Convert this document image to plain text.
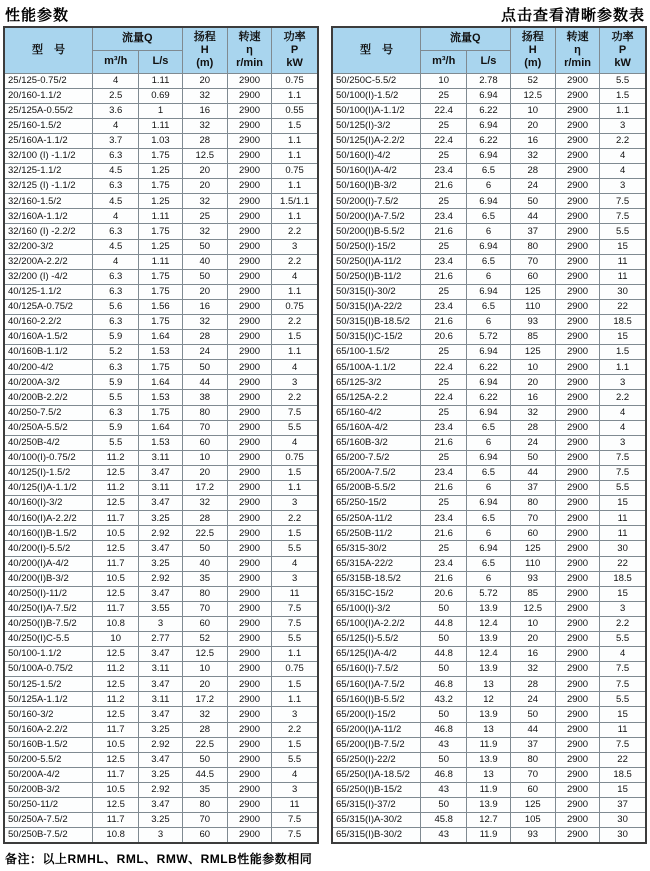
性能参数	点击查看清晰参数表
型　号	流量Q		扬程
H
(m)	转速
η
r/min	功率
P
kW

	m³/h	L/s			
25/125-0.75/2	4	1.11	20	2900	0.75
20/160-1.1/2	2.5	0.69	32	2900	1.1
25/125A-0.55/2	3.6	1	16	2900	0.55
25/160-1.5/2	4	1.11	32	2900	1.5
25/160A-1.1/2	3.7	1.03	28	2900	1.1
32/100 (I) -1.1/2	6.3	1.75	12.5	2900	1.1
32/125-1.1/2	4.5	1.25	20	2900	0.75
32/125 (I) -1.1/2	6.3	1.75	20	2900	1.1
32/160-1.5/2	4.5	1.25	32	2900	1.5/1.1
32/160A-1.1/2	4	1.11	25	2900	1.1
32/160 (I) -2.2/2	6.3	1.75	32	2900	2.2
32/200-3/2	4.5	1.25	50	2900	3
32/200A-2.2/2	4	1.11	40	2900	2.2
32/200 (I) -4/2	6.3	1.75	50	2900	4
40/125-1.1/2	6.3	1.75	20	2900	1.1
40/125A-0.75/2	5.6	1.56	16	2900	0.75
40/160-2.2/2	6.3	1.75	32	2900	2.2
40/160A-1.5/2	5.9	1.64	28	2900	1.5
40/160B-1.1/2	5.2	1.53	24	2900	1.1
40/200-4/2	6.3	1.75	50	2900	4
40/200A-3/2	5.9	1.64	44	2900	3
40/200B-2.2/2	5.5	1.53	38	2900	2.2
40/250-7.5/2	6.3	1.75	80	2900	7.5
40/250A-5.5/2	5.9	1.64	70	2900	5.5
40/250B-4/2	5.5	1.53	60	2900	4
40/100(I)-0.75/2	11.2	3.11	10	2900	0.75
40/125(I)-1.5/2	12.5	3.47	20	2900	1.5
40/125(I)A-1.1/2	11.2	3.11	17.2	2900	1.1
40/160(I)-3/2	12.5	3.47	32	2900	3
40/160(I)A-2.2/2	11.7	3.25	28	2900	2.2
40/160(I)B-1.5/2	10.5	2.92	22.5	2900	1.5
40/200(I)-5.5/2	12.5	3.47	50	2900	5.5
40/200(I)A-4/2	11.7	3.25	40	2900	4
40/200(I)B-3/2	10.5	2.92	35	2900	3
40/250(I)-11/2	12.5	3.47	80	2900	11
40/250(I)A-7.5/2	11.7	3.55	70	2900	7.5
40/250(I)B-7.5/2	10.8	3	60	2900	7.5
40/250(I)C-5.5	10	2.77	52	2900	5.5
50/100-1.1/2	12.5	3.47	12.5	2900	1.1
50/100A-0.75/2	11.2	3.11	10	2900	0.75
50/125-1.5/2	12.5	3.47	20	2900	1.5
50/125A-1.1/2	11.2	3.11	17.2	2900	1.1
50/160-3/2	12.5	3.47	32	2900	3
50/160A-2.2/2	11.7	3.25	28	2900	2.2
50/160B-1.5/2	10.5	2.92	22.5	2900	1.5
50/200-5.5/2	12.5	3.47	50	2900	5.5
50/200A-4/2	11.7	3.25	44.5	2900	4
50/200B-3/2	10.5	2.92	35	2900	3
50/250-11/2	12.5	3.47	80	2900	11
50/250A-7.5/2	11.7	3.25	70	2900	7.5
50/250B-7.5/2	10.8	3	60	2900	7.5
型　号	流量Q		扬程
H
(m)	转速
η
r/min	功率
P
kW

	m³/h	L/s			
50/250C-5.5/2	10	2.78	52	2900	5.5
50/100(I)-1.5/2	25	6.94	12.5	2900	1.5
50/100(I)A-1.1/2	22.4	6.22	10	2900	1.1
50/125(I)-3/2	25	6.94	20	2900	3
50/125(I)A-2.2/2	22.4	6.22	16	2900	2.2
50/160(I)-4/2	25	6.94	32	2900	4
50/160(I)A-4/2	23.4	6.5	28	2900	4
50/160(I)B-3/2	21.6	6	24	2900	3
50/200(I)-7.5/2	25	6.94	50	2900	7.5
50/200(I)A-7.5/2	23.4	6.5	44	2900	7.5
50/200(I)B-5.5/2	21.6	6	37	2900	5.5
50/250(I)-15/2	25	6.94	80	2900	15
50/250(I)A-11/2	23.4	6.5	70	2900	11
50/250(I)B-11/2	21.6	6	60	2900	11
50/315(I)-30/2	25	6.94	125	2900	30
50/315(I)A-22/2	23.4	6.5	110	2900	22
50/315(I)B-18.5/2	21.6	6	93	2900	18.5
50/315(I)C-15/2	20.6	5.72	85	2900	15
65/100-1.5/2	25	6.94	125	2900	1.5
65/100A-1.1/2	22.4	6.22	10	2900	1.1
65/125-3/2	25	6.94	20	2900	3
65/125A-2.2	22.4	6.22	16	2900	2.2
65/160-4/2	25	6.94	32	2900	4
65/160A-4/2	23.4	6.5	28	2900	4
65/160B-3/2	21.6	6	24	2900	3
65/200-7.5/2	25	6.94	50	2900	7.5
65/200A-7.5/2	23.4	6.5	44	2900	7.5
65/200B-5.5/2	21.6	6	37	2900	5.5
65/250-15/2	25	6.94	80	2900	15
65/250A-11/2	23.4	6.5	70	2900	11
65/250B-11/2	21.6	6	60	2900	11
65/315-30/2	25	6.94	125	2900	30
65/315A-22/2	23.4	6.5	110	2900	22
65/315B-18.5/2	21.6	6	93	2900	18.5
65/315C-15/2	20.6	5.72	85	2900	15
65/100(I)-3/2	50	13.9	12.5	2900	3
65/100(I)A-2.2/2	44.8	12.4	10	2900	2.2
65/125(I)-5.5/2	50	13.9	20	2900	5.5
65/125(I)A-4/2	44.8	12.4	16	2900	4
65/160(I)-7.5/2	50	13.9	32	2900	7.5
65/160(I)A-7.5/2	46.8	13	28	2900	7.5
65/160(I)B-5.5/2	43.2	12	24	2900	5.5
65/200(I)-15/2	50	13.9	50	2900	15
65/200(I)A-11/2	46.8	13	44	2900	11
65/200(I)B-7.5/2	43	11.9	37	2900	7.5
65/250(I)-22/2	50	13.9	80	2900	22
65/250(I)A-18.5/2	46.8	13	70	2900	18.5
65/250(I)B-15/2	43	11.9	60	2900	15
65/315(I)-37/2	50	13.9	125	2900	37
65/315(I)A-30/2	45.8	12.7	105	2900	30
65/315(I)B-30/2	43	11.9	93	2900	30
备注：以上RMHL、RML、RMW、RMLB性能参数相同
